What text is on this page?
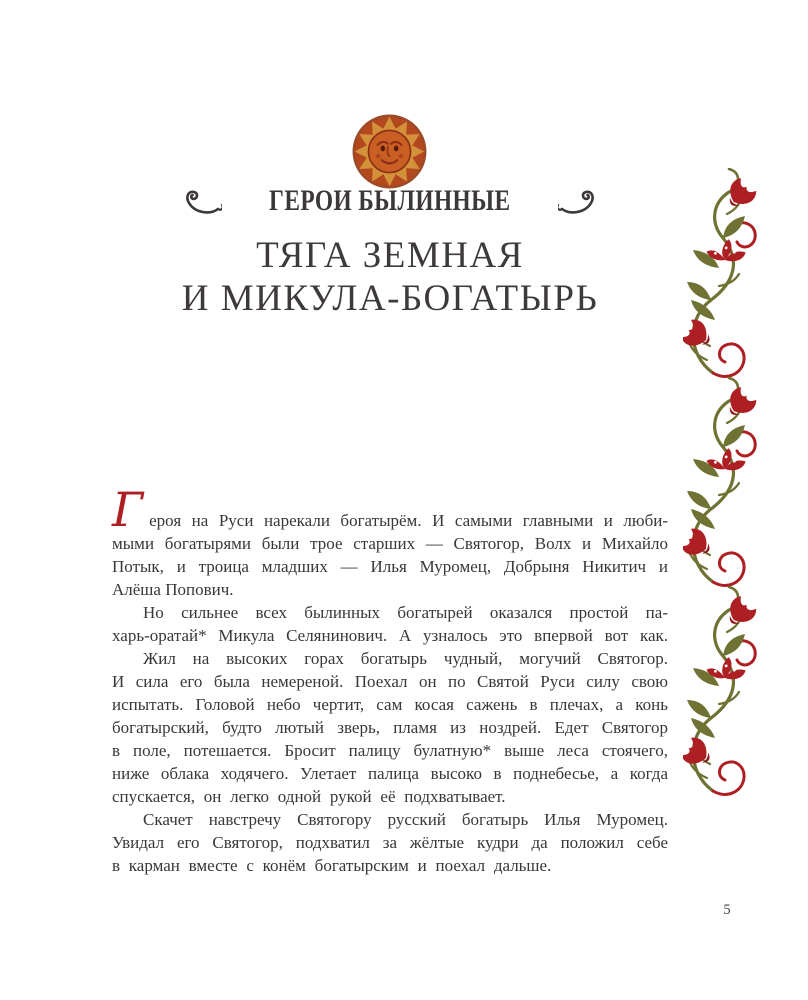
ГЕРОИ БЫЛИННЫЕ
ТЯГА ЗЕМНАЯ
И МИКУЛА-БОГАТЫРЬ
Героя на Руси нарекали богатырём. И самыми главными и люби-
мыми богатырями были трое старших — Святогор, Волх и Михайло
Потык, и троица младших — Илья Муромец, Добрыня Никитич и
Алёша Попович.
Но сильнее всех былинных богатырей оказался простой па-
харь-оратай* Микула Селянинович. А узналось это впервой вот как.
Жил на высоких горах богатырь чудный, могучий Святогор.
И сила его была немереной. Поехал он по Святой Руси силу свою
испытать. Головой небо чертит, сам косая сажень в плечах, а конь
богатырский, будто лютый зверь, пламя из ноздрей. Едет Святогор
в поле, потешается. Бросит палицу булатную* выше леса стоячего,
ниже облака ходячего. Улетает палица высоко в поднебесье, а когда
спускается, он легко одной рукой её подхватывает.
Скачет навстречу Святогору русский богатырь Илья Муромец.
Увидал его Святогор, подхватил за жёлтые кудри да положил себе
в карман вместе с конём богатырским и поехал дальше.
5
